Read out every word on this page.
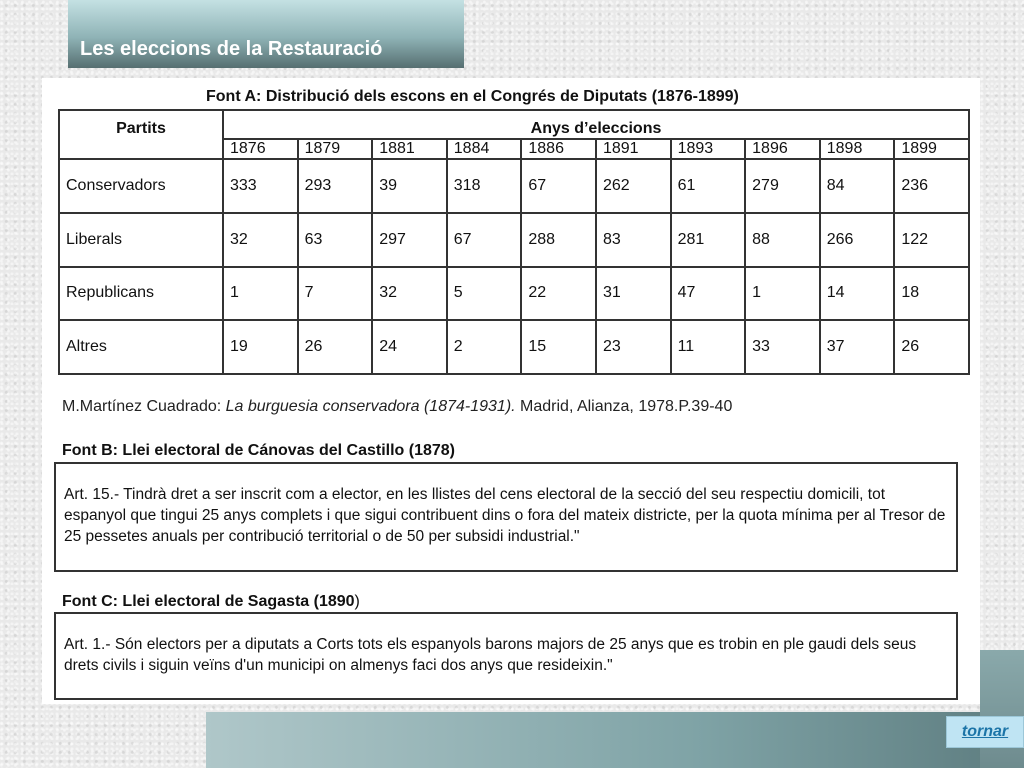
Les eleccions de la Restauració
Font A: Distribució dels escons en el Congrés de Diputats (1876-1899)
Partits	Anys d’eleccions									
	1876	1879	1881	1884	1886	1891	1893	1896	1898	1899
Conservadors	333	293	39	318	67	262	61	279	84	236
Liberals	32	63	297	67	288	83	281	88	266	122
Republicans	1	7	32	5	22	31	47	1	14	18
Altres	19	26	24	2	15	23	11	33	37	26
M.Martínez Cuadrado: La burguesia conservadora (1874-1931). Madrid, Alianza, 1978.P.39-40
Font B: Llei electoral de Cánovas del Castillo (1878)
Art. 15.- Tindrà dret a ser inscrit com a elector, en les llistes del cens electoral de la secció del seu respectiu domicili, tot espanyol que tingui 25 anys complets i que sigui contribuent dins o fora del mateix districte, per la quota mínima per al Tresor de 25 pessetes anuals per contribució territorial o de 50 per subsidi industrial."
Font C: Llei electoral de Sagasta (1890)
Art. 1.- Són electors per a diputats a Corts tots els espanyols barons majors de 25 anys que es trobin en ple gaudi dels seus drets civils i siguin veïns d'un municipi on almenys faci dos anys que resideixin."
tornar
